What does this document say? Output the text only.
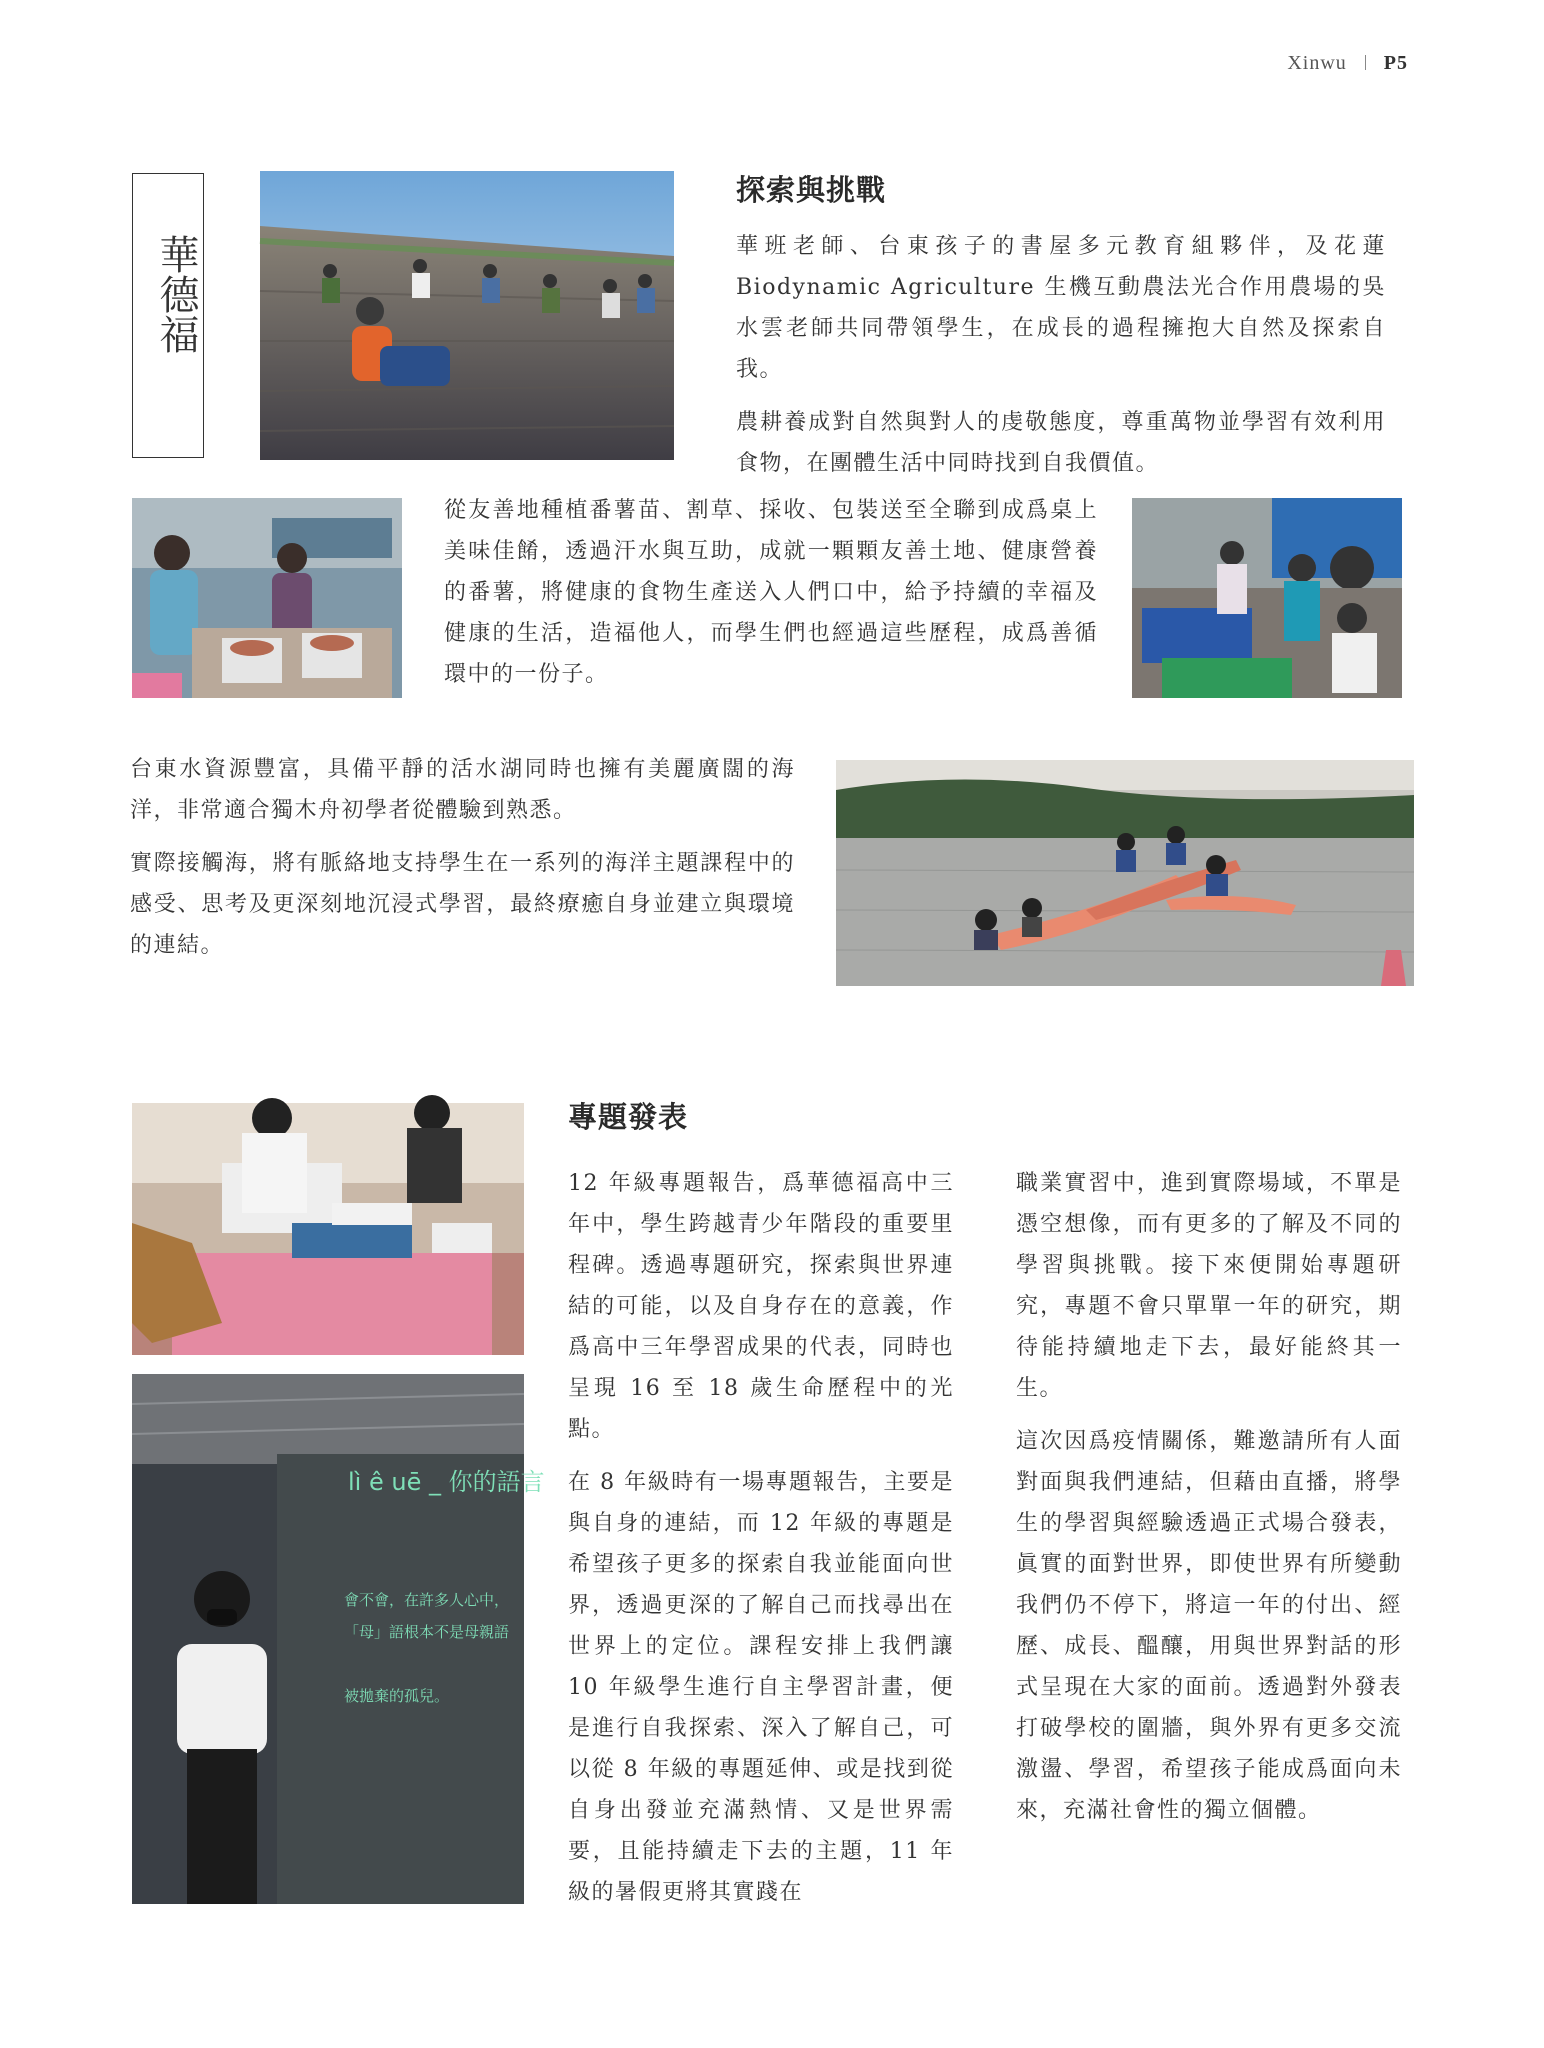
Xinwu P5
華德福
探索與挑戰

華班老師、台東孩子的書屋多元教育組夥伴，及花蓮 Biodynamic Agriculture 生機互動農法光合作用農場的吳水雲老師共同帶領學生，在成長的過程擁抱大自然及探索自我。

農耕養成對自然與對人的虔敬態度，尊重萬物並學習有效利用食物，在團體生活中同時找到自我價值。

從友善地種植番薯苗、割草、採收、包裝送至全聯到成爲桌上美味佳餚，透過汗水與互助，成就一顆顆友善土地、健康營養的番薯，將健康的食物生產送入人們口中，給予持續的幸福及健康的生活，造福他人，而學生們也經過這些歷程，成爲善循環中的一份子。

台東水資源豐富，具備平靜的活水湖同時也擁有美麗廣闊的海洋，非常適合獨木舟初學者從體驗到熟悉。

實際接觸海，將有脈絡地支持學生在一系列的海洋主題課程中的感受、思考及更深刻地沉浸式學習，最終療癒自身並建立與環境的連結。

lì ê uē _ 你的語言
會不會，在許多人心中，
「母」語根本不是母親語
被拋棄的孤兒。
專題發表

12 年級專題報告，爲華德福高中三年中，學生跨越青少年階段的重要里程碑。透過專題研究，探索與世界連結的可能，以及自身存在的意義，作爲高中三年學習成果的代表，同時也呈現 16 至 18 歲生命歷程中的光點。

在 8 年級時有一場專題報告，主要是與自身的連結，而 12 年級的專題是希望孩子更多的探索自我並能面向世界，透過更深的了解自己而找尋出在世界上的定位。課程安排上我們讓 10 年級學生進行自主學習計畫，便是進行自我探索、深入了解自己，可以從 8 年級的專題延伸、或是找到從自身出發並充滿熱情、又是世界需要，且能持續走下去的主題，11 年級的暑假更將其實踐在

職業實習中，進到實際場域，不單是憑空想像，而有更多的了解及不同的學習與挑戰。接下來便開始專題研究，專題不會只單單一年的研究，期待能持續地走下去，最好能終其一生。

這次因爲疫情關係，難邀請所有人面對面與我們連結，但藉由直播，將學生的學習與經驗透過正式場合發表，眞實的面對世界，即使世界有所變動我們仍不停下，將這一年的付出、經歷、成長、醞釀，用與世界對話的形式呈現在大家的面前。透過對外發表打破學校的圍牆，與外界有更多交流激盪、學習，希望孩子能成爲面向未來，充滿社會性的獨立個體。
